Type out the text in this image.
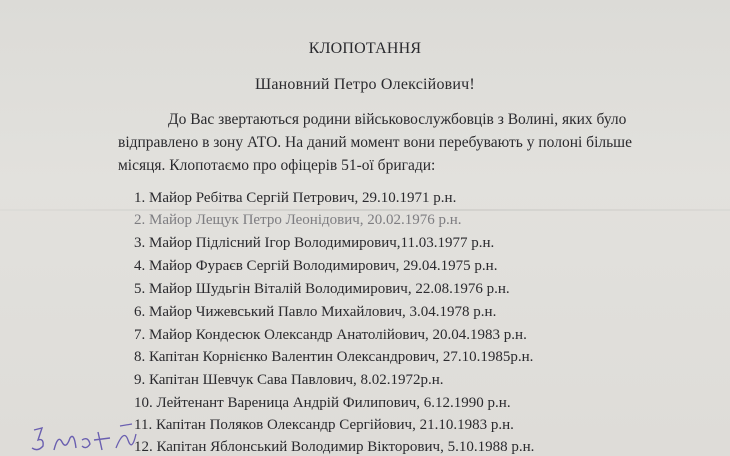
КЛОПОТАННЯ
Шановний Петро Олексійович!
До Вас звертаються родини військовослужбовців з Волині, яких було
відправлено в зону АТО. На даний момент вони перебувають у полоні більше
місяця. Клопотаємо про офіцерів 51-ої бригади:
1. Майор Ребітва Сергій Петрович, 29.10.1971 р.н.
2. Майор Лещук Петро Леонідович, 20.02.1976 р.н.
3. Майор Підлісний Ігор Володимирович,11.03.1977 р.н.
4. Майор Фураєв Сергій Володимирович, 29.04.1975 р.н.
5. Майор Шудьгін Віталій Володимирович, 22.08.1976 р.н.
6. Майор Чижевський Павло Михайлович, 3.04.1978 р.н.
7. Майор Кондесюк Олександр Анатолійович, 20.04.1983 р.н.
8. Капітан Корнієнко Валентин Олександрович, 27.10.1985р.н.
9. Капітан Шевчук Сава Павлович, 8.02.1972р.н.
10. Лейтенант Вареница Андрій Филипович, 6.12.1990 р.н.
11. Капітан Поляков Олександр Сергійович, 21.10.1983 р.н.
12. Капітан Яблонський Володимир Вікторович, 5.10.1988 р.н.
